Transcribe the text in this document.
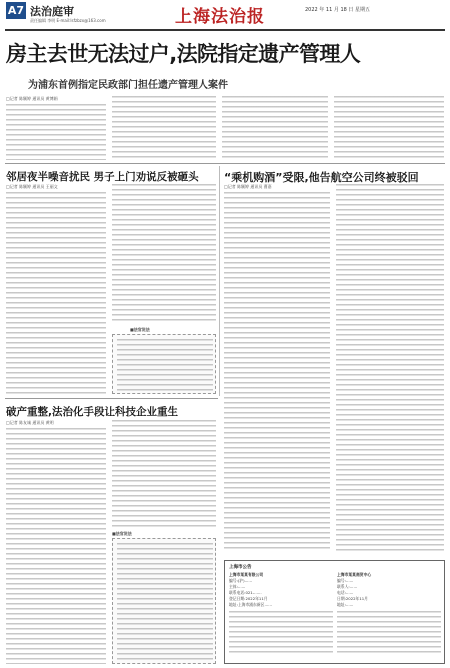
A7 法治庭审
责任编辑 李明 E-mail:lsfzbzx@163.com	上海法治报	2022 年 11 月 18 日 星期五
房主去世无法过户,法院指定遗产管理人
为浦东首例指定民政部门担任遗产管理人案件
□记者 陈颖婷 通讯员 黄博娟
邻居夜半噪音扰民 男子上门劝说反被砸头
□记者 陈颖婷 通讯员 王丽文
■法官说法
“乘机购酒”受限,他告航空公司终被驳回
□记者 陈颖婷 通讯员 曹嘉
破产重整,法治化手段让科技企业重生
□记者 陈友诚 通讯员 黄明
■法官说法
上海市公告
上海市某某有限公司
编号:(沪)……
主体:……
联系电话:021-……
登记日期:2022年11月
地址:上海市浦东新区……
上海市某某商贸中心
编号:……
联系人:……
电话:……
日期:2022年11月
地址:……
